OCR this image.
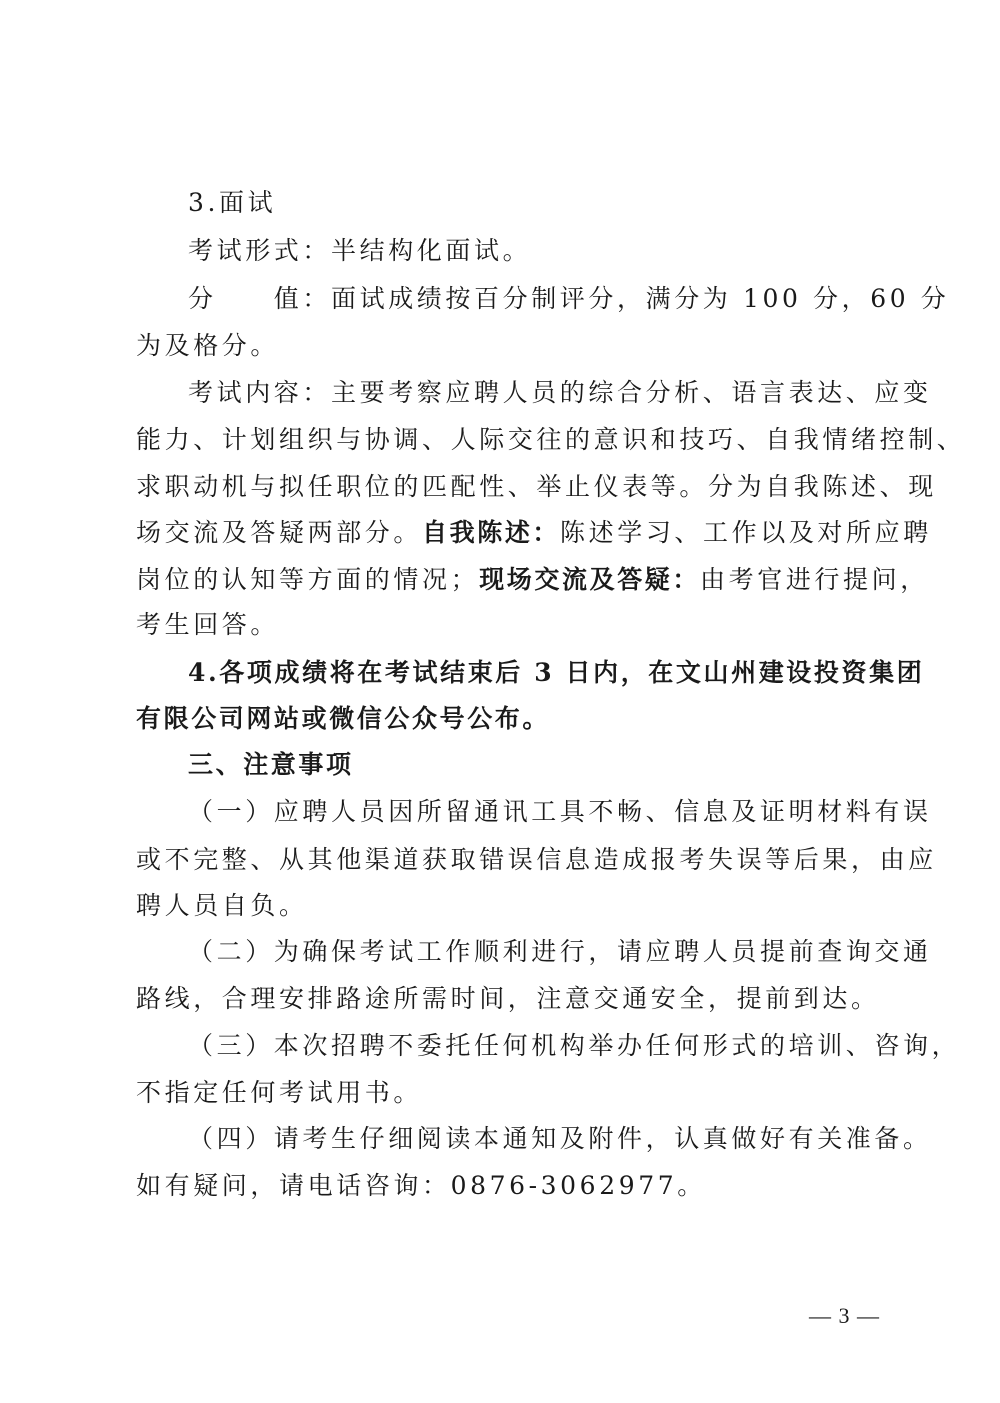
3.面试
考试形式：半结构化面试。
分　　值：面试成绩按百分制评分，满分为 100 分，60 分
为及格分。
考试内容：主要考察应聘人员的综合分析、语言表达、应变
能力、计划组织与协调、人际交往的意识和技巧、自我情绪控制、
求职动机与拟任职位的匹配性、举止仪表等。分为自我陈述、现
场交流及答疑两部分。自我陈述：陈述学习、工作以及对所应聘
岗位的认知等方面的情况；现场交流及答疑：由考官进行提问，
考生回答。
4.各项成绩将在考试结束后 3 日内，在文山州建设投资集团
有限公司网站或微信公众号公布。
三、注意事项
（一）应聘人员因所留通讯工具不畅、信息及证明材料有误
或不完整、从其他渠道获取错误信息造成报考失误等后果，由应
聘人员自负。
（二）为确保考试工作顺利进行，请应聘人员提前查询交通
路线，合理安排路途所需时间，注意交通安全，提前到达。
（三）本次招聘不委托任何机构举办任何形式的培训、咨询，
不指定任何考试用书。
（四）请考生仔细阅读本通知及附件，认真做好有关准备。
如有疑问，请电话咨询：0876-3062977。
— 3 —
